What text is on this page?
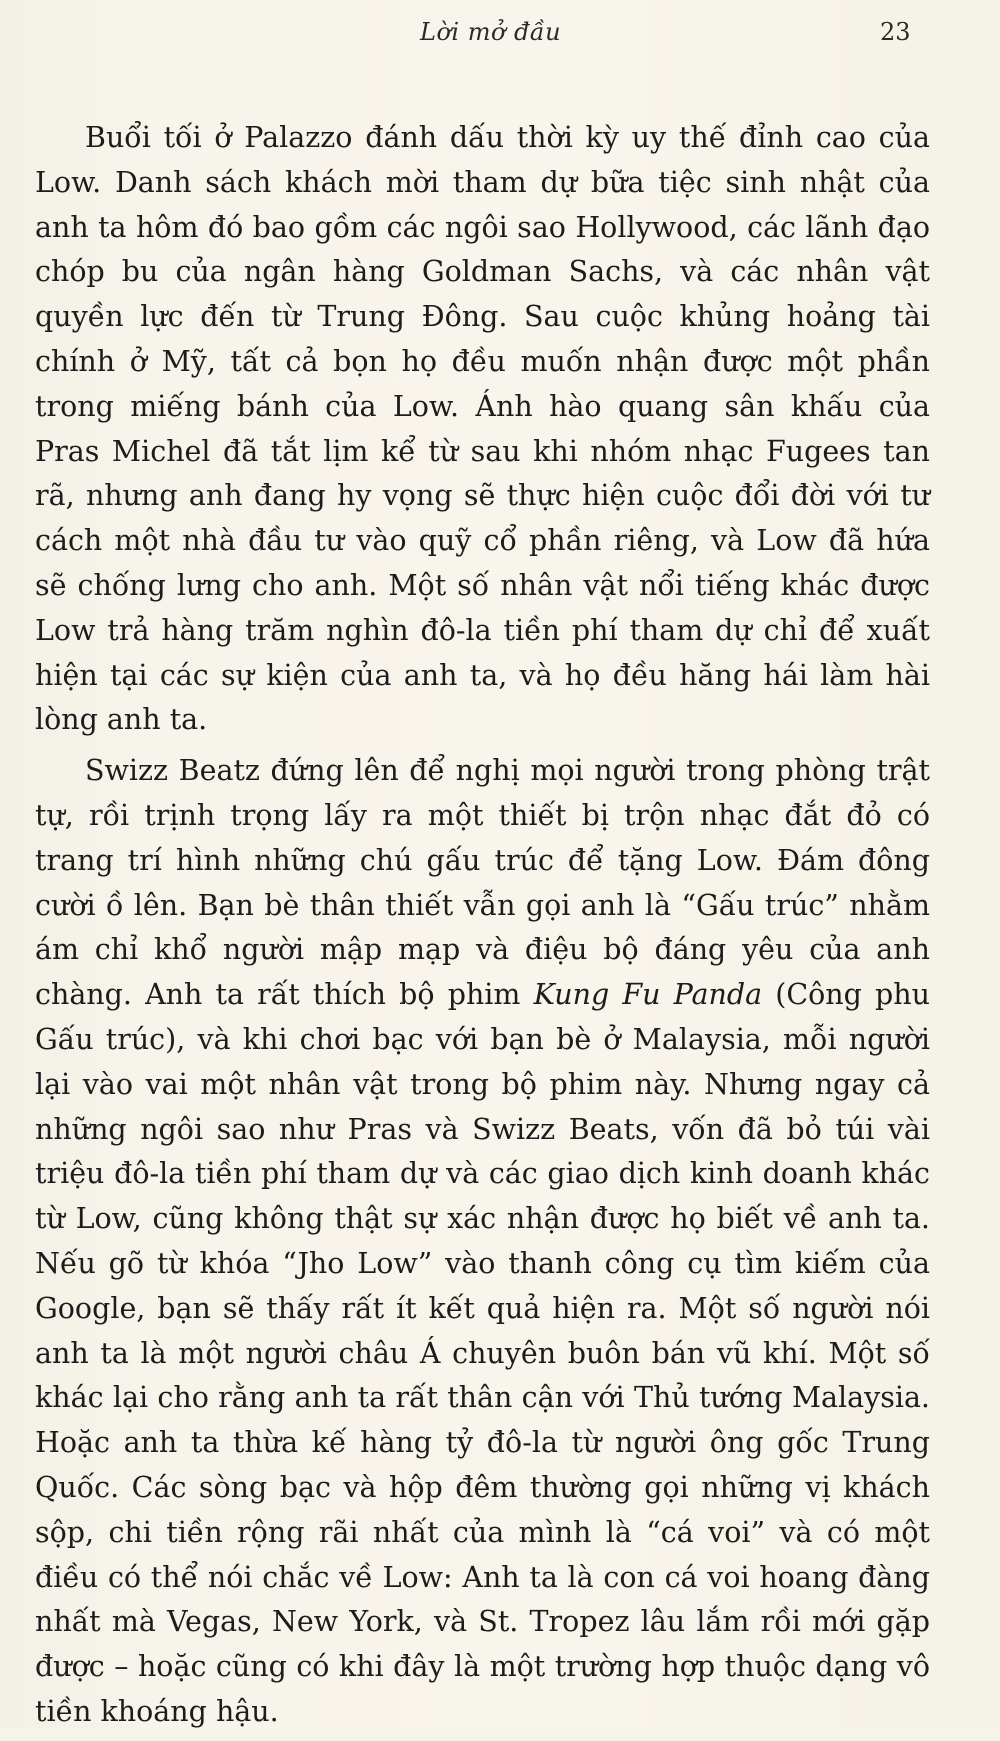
Lời mở đầu	23

Buổi tối ở Palazzo đánh dấu thời kỳ uy thế đỉnh cao của Low. Danh sách khách mời tham dự bữa tiệc sinh nhật của anh ta hôm đó bao gồm các ngôi sao Hollywood, các lãnh đạo chóp bu của ngân hàng Goldman Sachs, và các nhân vật quyền lực đến từ Trung Đông. Sau cuộc khủng hoảng tài chính ở Mỹ, tất cả bọn họ đều muốn nhận được một phần trong miếng bánh của Low. Ánh hào quang sân khấu của Pras Michel đã tắt lịm kể từ sau khi nhóm nhạc Fugees tan rã, nhưng anh đang hy vọng sẽ thực hiện cuộc đổi đời với tư cách một nhà đầu tư vào quỹ cổ phần riêng, và Low đã hứa sẽ chống lưng cho anh. Một số nhân vật nổi tiếng khác được Low trả hàng trăm nghìn đô-la tiền phí tham dự chỉ để xuất hiện tại các sự kiện của anh ta, và họ đều hăng hái làm hài lòng anh ta.

Swizz Beatz đứng lên để nghị mọi người trong phòng trật tự, rồi trịnh trọng lấy ra một thiết bị trộn nhạc đắt đỏ có trang trí hình những chú gấu trúc để tặng Low. Đám đông cười ồ lên. Bạn bè thân thiết vẫn gọi anh là “Gấu trúc” nhằm ám chỉ khổ người mập mạp và điệu bộ đáng yêu của anh chàng. Anh ta rất thích bộ phim Kung Fu Panda (Công phu Gấu trúc), và khi chơi bạc với bạn bè ở Malaysia, mỗi người lại vào vai một nhân vật trong bộ phim này. Nhưng ngay cả những ngôi sao như Pras và Swizz Beats, vốn đã bỏ túi vài triệu đô-la tiền phí tham dự và các giao dịch kinh doanh khác từ Low, cũng không thật sự xác nhận được họ biết về anh ta. Nếu gõ từ khóa “Jho Low” vào thanh công cụ tìm kiếm của Google, bạn sẽ thấy rất ít kết quả hiện ra. Một số người nói anh ta là một người châu Á chuyên buôn bán vũ khí. Một số khác lại cho rằng anh ta rất thân cận với Thủ tướng Malaysia. Hoặc anh ta thừa kế hàng tỷ đô-la từ người ông gốc Trung Quốc. Các sòng bạc và hộp đêm thường gọi những vị khách sộp, chi tiền rộng rãi nhất của mình là “cá voi” và có một điều có thể nói chắc về Low: Anh ta là con cá voi hoang đàng nhất mà Vegas, New York, và St. Tropez lâu lắm rồi mới gặp được – hoặc cũng có khi đây là một trường hợp thuộc dạng vô tiền khoáng hậu.
